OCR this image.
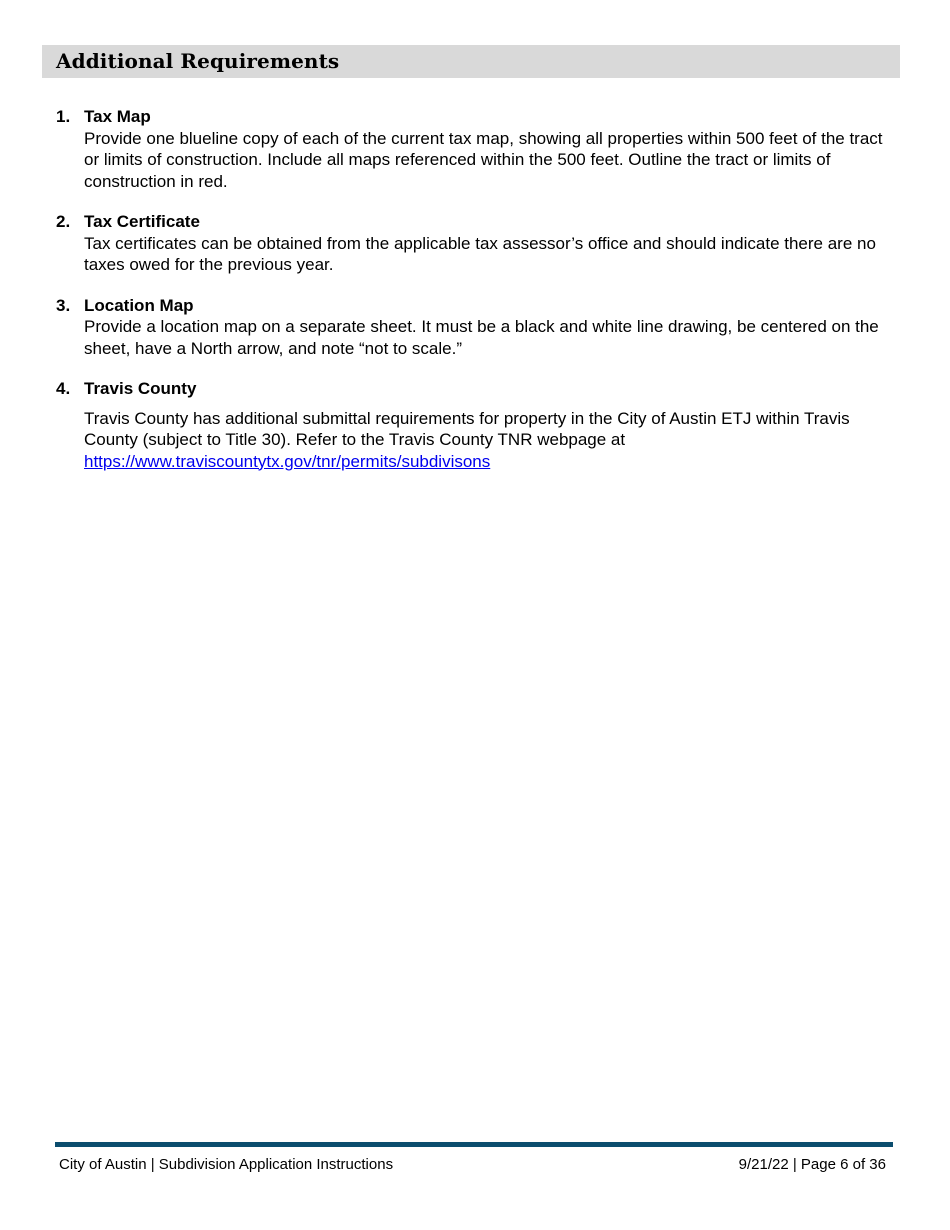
Additional Requirements
1. Tax Map
Provide one blueline copy of each of the current tax map, showing all properties within 500 feet of the tract or limits of construction. Include all maps referenced within the 500 feet. Outline the tract or limits of construction in red.
2. Tax Certificate
Tax certificates can be obtained from the applicable tax assessor’s office and should indicate there are no taxes owed for the previous year.
3. Location Map
Provide a location map on a separate sheet. It must be a black and white line drawing, be centered on the sheet, have a North arrow, and note “not to scale.”
4. Travis County
Travis County has additional submittal requirements for property in the City of Austin ETJ within Travis County (subject to Title 30). Refer to the Travis County TNR webpage at
https://www.traviscountytx.gov/tnr/permits/subdivisons
City of Austin | Subdivision Application Instructions	9/21/22 | Page 6 of 36
